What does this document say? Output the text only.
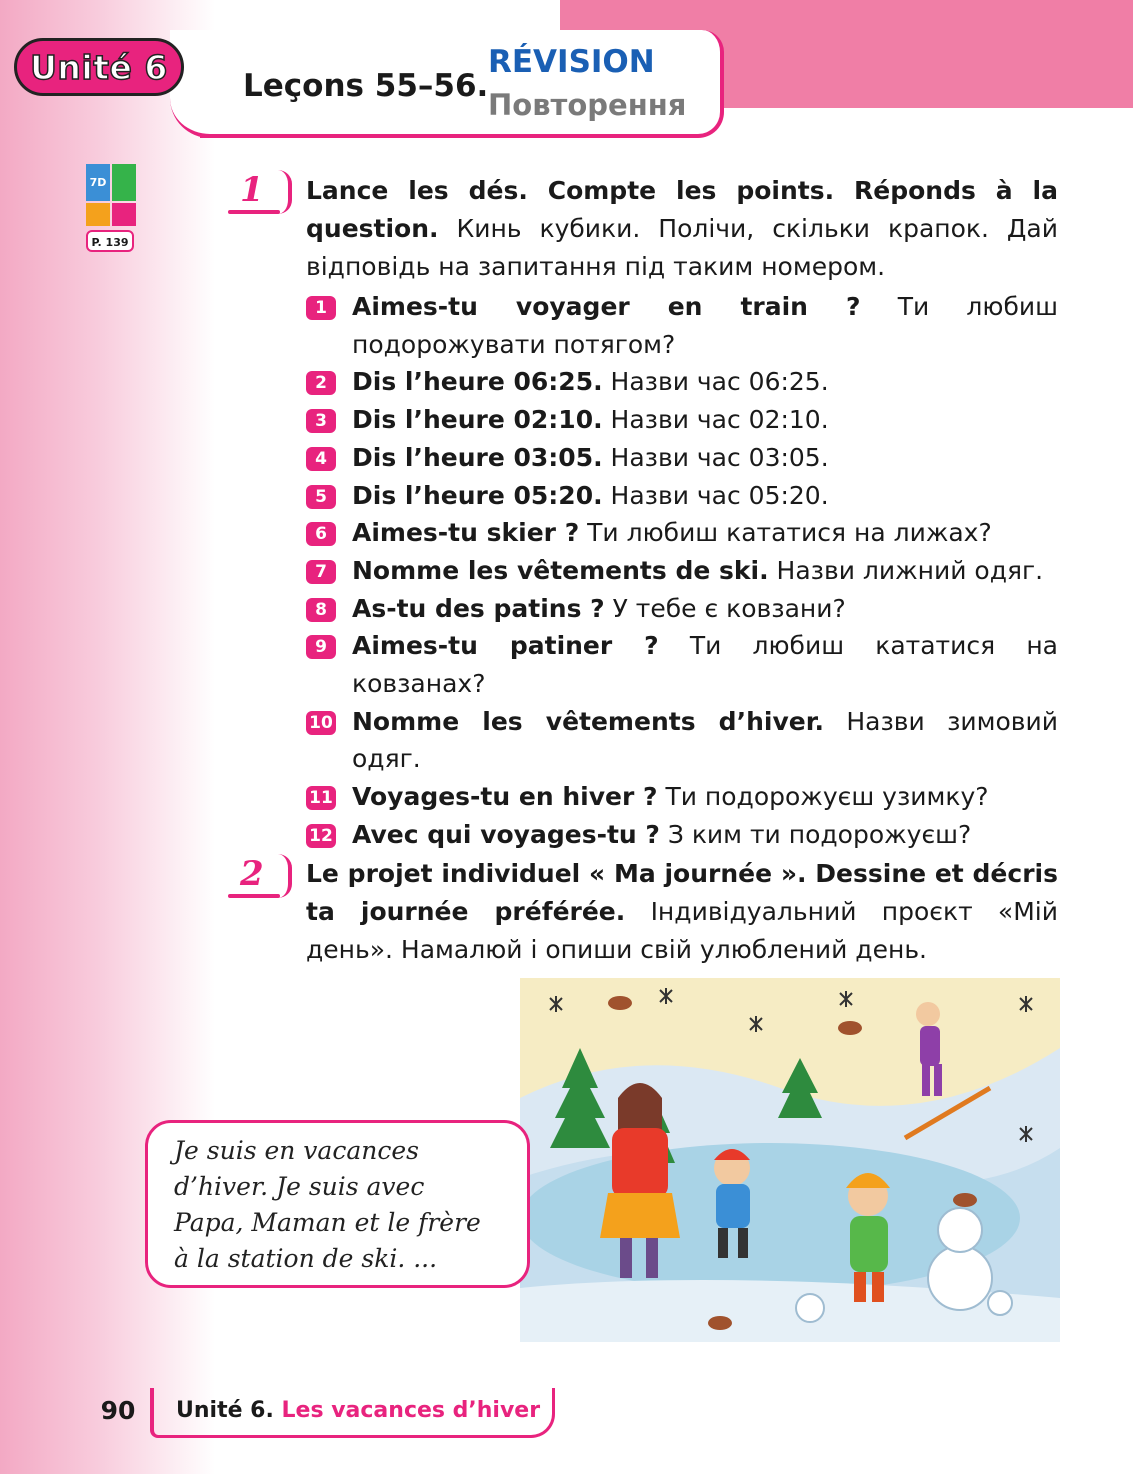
Unité 6 Leçons 55–56.
RÉVISION
Повторення
7D
P. 139
1	Lance les dés. Compte les points. Réponds à la question. Кинь кубики. Полічи, скільки крапок. Дай відповідь на запитання під таким номером.
1	Aimes-tu voyager en train ? Ти любиш подорожувати потягом?
2	Dis l’heure 06:25. Назви час 06:25.
3	Dis l’heure 02:10. Назви час 02:10.
4	Dis l’heure 03:05. Назви час 03:05.
5	Dis l’heure 05:20. Назви час 05:20.
6	Aimes-tu skier ? Ти любиш кататися на лижах?
7	Nomme les vêtements de ski. Назви лижний одяг.
8	As-tu des patins ? У тебе є ковзани?
9	Aimes-tu patiner ? Ти любиш кататися на ковзанах?
10 Nomme les vêtements d’hiver. Назви зимовий одяг.
11 Voyages-tu en hiver ? Ти подорожуєш узимку?
12 Avec qui voyages-tu ? З ким ти подорожуєш?
2	Le projet individuel « Ma journée ». Dessine et décris ta journée préférée. Індивідуальний проєкт «Мій день». Намалюй і опиши свій улюблений день.

Je suis en vacances

d’hiver. Je suis avec

Papa, Maman et le frère

à la station de ski. ...

90	Unité 6. Les vacances d’hiver
